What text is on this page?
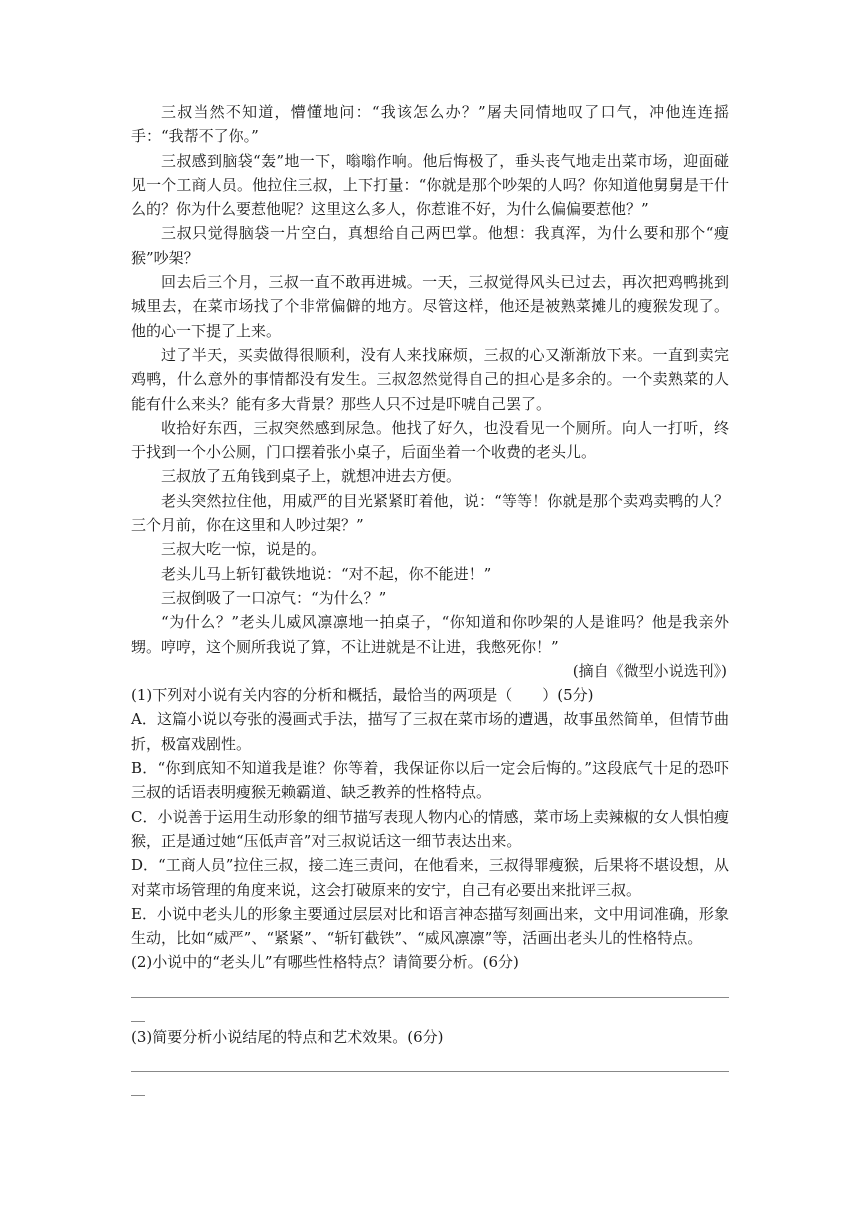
三叔当然不知道，懵懂地问：“我该怎么办？”屠夫同情地叹了口气，冲他连连摇手：“我帮不了你。”

三叔感到脑袋“轰”地一下，嗡嗡作响。他后悔极了，垂头丧气地走出菜市场，迎面碰见一个工商人员。他拉住三叔，上下打量：“你就是那个吵架的人吗？你知道他舅舅是干什么的？你为什么要惹他呢？这里这么多人，你惹谁不好，为什么偏偏要惹他？”

三叔只觉得脑袋一片空白，真想给自己两巴掌。他想：我真浑，为什么要和那个“瘦猴”吵架？

回去后三个月，三叔一直不敢再进城。一天，三叔觉得风头已过去，再次把鸡鸭挑到城里去，在菜市场找了个非常偏僻的地方。尽管这样，他还是被熟菜摊儿的瘦猴发现了。他的心一下提了上来。

过了半天，买卖做得很顺利，没有人来找麻烦，三叔的心又渐渐放下来。一直到卖完鸡鸭，什么意外的事情都没有发生。三叔忽然觉得自己的担心是多余的。一个卖熟菜的人能有什么来头？能有多大背景？那些人只不过是吓唬自己罢了。

收拾好东西，三叔突然感到尿急。他找了好久，也没看见一个厕所。向人一打听，终于找到一个小公厕，门口摆着张小桌子，后面坐着一个收费的老头儿。

三叔放了五角钱到桌子上，就想冲进去方便。

老头突然拉住他，用威严的目光紧紧盯着他，说：“等等！你就是那个卖鸡卖鸭的人？三个月前，你在这里和人吵过架？”

三叔大吃一惊，说是的。

老头儿马上斩钉截铁地说：“对不起，你不能进！”

三叔倒吸了一口凉气：“为什么？”

“为什么？”老头儿威风凛凛地一拍桌子，“你知道和你吵架的人是谁吗？他是我亲外甥。哼哼，这个厕所我说了算，不让进就是不让进，我憋死你！”

(摘自《微型小说选刊》)

(1)下列对小说有关内容的分析和概括，最恰当的两项是（　　）(5分)

A．这篇小说以夸张的漫画式手法，描写了三叔在菜市场的遭遇，故事虽然简单，但情节曲折，极富戏剧性。

B．“你到底知不知道我是谁？你等着，我保证你以后一定会后悔的。”这段底气十足的恐吓三叔的话语表明瘦猴无赖霸道、缺乏教养的性格特点。

C．小说善于运用生动形象的细节描写表现人物内心的情感，菜市场上卖辣椒的女人惧怕瘦猴，正是通过她“压低声音”对三叔说话这一细节表达出来。

D．“工商人员”拉住三叔，接二连三责问，在他看来，三叔得罪瘦猴，后果将不堪设想，从对菜市场管理的角度来说，这会打破原来的安宁，自己有必要出来批评三叔。

E．小说中老头儿的形象主要通过层层对比和语言神态描写刻画出来，文中用词准确，形象生动，比如“威严”、“紧紧”、“斩钉截铁”、“威风凛凛”等，活画出老头儿的性格特点。

(2)小说中的“老头儿”有哪些性格特点？请简要分析。(6分)

(3)简要分析小说结尾的特点和艺术效果。(6分)
